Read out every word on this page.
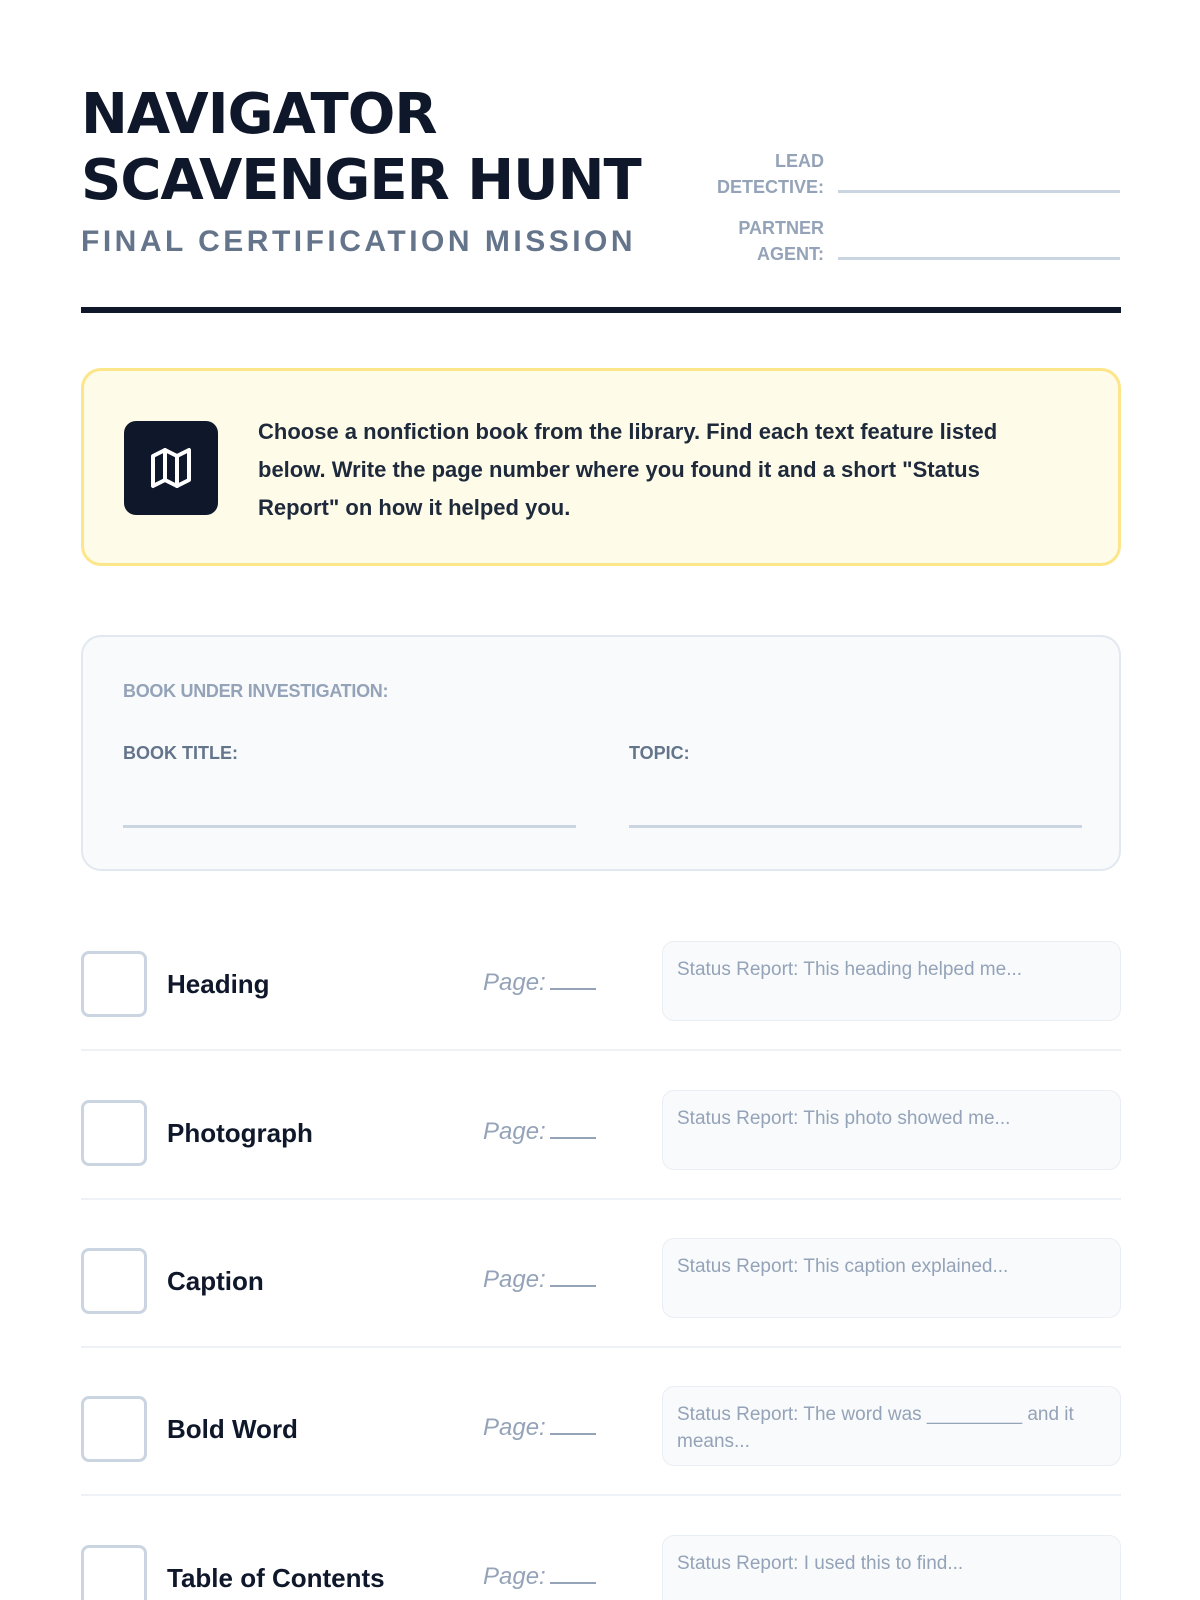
NAVIGATOR
SCAVENGER HUNT
FINAL CERTIFICATION MISSION
LEAD
DETECTIVE:
PARTNER
AGENT:

Choose a nonfiction book from the library. Find each text feature listed below. Write the page number where you found it and a short "Status Report" on how it helped you.

BOOK UNDER INVESTIGATION:
BOOK TITLE:	TOPIC:
Heading	Page:	Status Report: This heading helped me...
Photograph	Page:	Status Report: This photo showed me...
Caption	Page:	Status Report: This caption explained...
Bold Word	Page:	Status Report: The word was _________ and it means...
Table of Contents	Page:	Status Report: I used this to find...
